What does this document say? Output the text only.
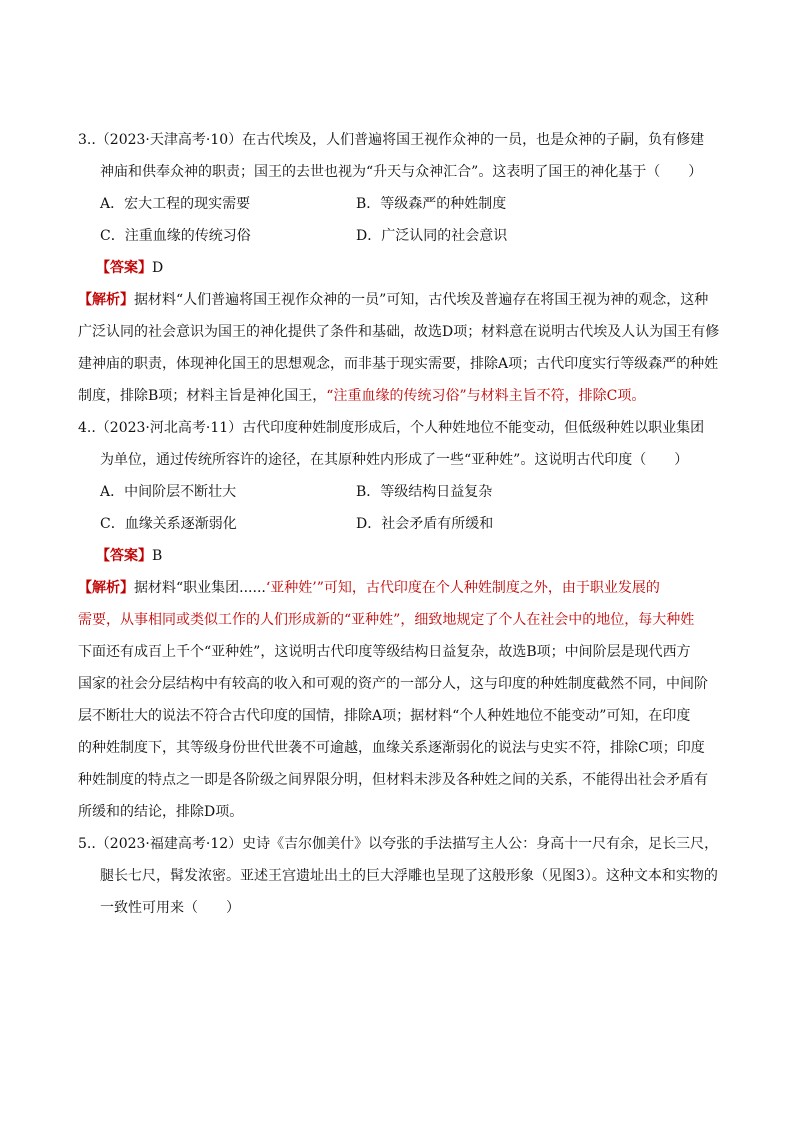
3..（2023·天津高考·10）在古代埃及，人们普遍将国王视作众神的一员，也是众神的子嗣，负有修建
神庙和供奉众神的职责；国王的去世也视为“升天与众神汇合”。这表明了国王的神化基于（　　）
A．宏大工程的现实需要	B．等级森严的种姓制度
C．注重血缘的传统习俗	D．广泛认同的社会意识
【答案】D
【解析】据材料“人们普遍将国王视作众神的一员”可知，古代埃及普遍存在将国王视为神的观念，这种
广泛认同的社会意识为国王的神化提供了条件和基础，故选D项；材料意在说明古代埃及人认为国王有修
建神庙的职责，体现神化国王的思想观念，而非基于现实需要，排除A项；古代印度实行等级森严的种姓
制度，排除B项；材料主旨是神化国王，“注重血缘的传统习俗”与材料主旨不符，排除C项。
4..（2023·河北高考·11）古代印度种姓制度形成后，个人种姓地位不能变动，但低级种姓以职业集团
为单位，通过传统所容许的途径，在其原种姓内形成了一些“亚种姓”。这说明古代印度（　　）
A．中间阶层不断壮大	B．等级结构日益复杂
C．血缘关系逐渐弱化	D．社会矛盾有所缓和
【答案】B
【解析】据材料“职业集团......‘亚种姓’”可知，古代印度在个人种姓制度之外，由于职业发展的
需要，从事相同或类似工作的人们形成新的“亚种姓”，细致地规定了个人在社会中的地位，每大种姓
下面还有成百上千个“亚种姓”，这说明古代印度等级结构日益复杂，故选B项；中间阶层是现代西方
国家的社会分层结构中有较高的收入和可观的资产的一部分人，这与印度的种姓制度截然不同，中间阶
层不断壮大的说法不符合古代印度的国情，排除A项；据材料“个人种姓地位不能变动”可知，在印度
的种姓制度下，其等级身份世代世袭不可逾越，血缘关系逐渐弱化的说法与史实不符，排除C项；印度
种姓制度的特点之一即是各阶级之间界限分明，但材料未涉及各种姓之间的关系，不能得出社会矛盾有
所缓和的结论，排除D项。
5..（2023·福建高考·12）史诗《吉尔伽美什》以夸张的手法描写主人公：身高十一尺有余，足长三尺，
腿长七尺，髯发浓密。亚述王宫遗址出土的巨大浮雕也呈现了这般形象（见图3）。这种文本和实物的
一致性可用来（　　）
